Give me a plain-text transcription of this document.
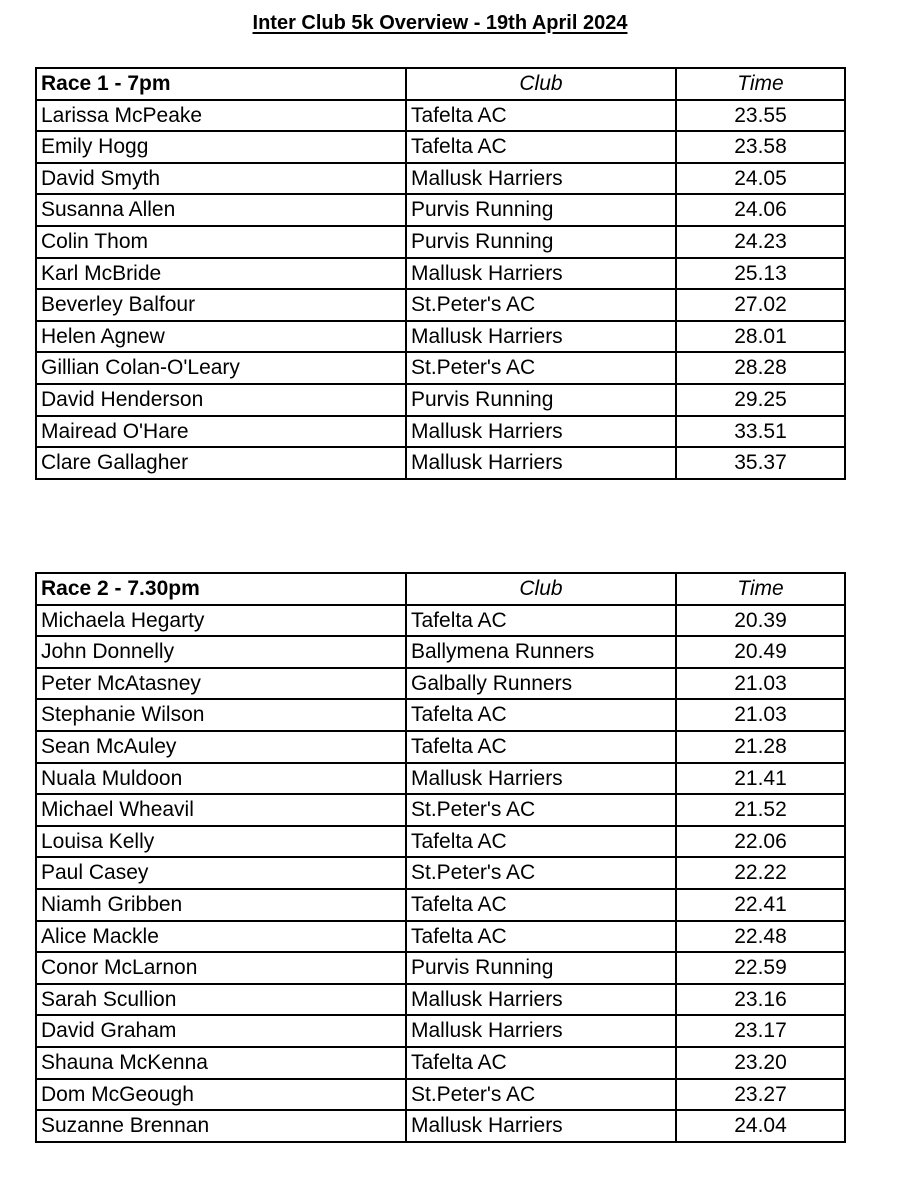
Inter Club 5k Overview - 19th April 2024
Race 1 - 7pm	Club	Time
Larissa McPeake	Tafelta AC	23.55
Emily Hogg	Tafelta AC	23.58
David Smyth	Mallusk Harriers	24.05
Susanna Allen	Purvis Running	24.06
Colin Thom	Purvis Running	24.23
Karl McBride	Mallusk Harriers	25.13
Beverley Balfour	St.Peter's AC	27.02
Helen Agnew	Mallusk Harriers	28.01
Gillian Colan-O'Leary	St.Peter's AC	28.28
David Henderson	Purvis Running	29.25
Mairead O'Hare	Mallusk Harriers	33.51
Clare Gallagher	Mallusk Harriers	35.37
Race 2 - 7.30pm	Club	Time
Michaela Hegarty	Tafelta AC	20.39
John Donnelly	Ballymena Runners	20.49
Peter McAtasney	Galbally Runners	21.03
Stephanie Wilson	Tafelta AC	21.03
Sean McAuley	Tafelta AC	21.28
Nuala Muldoon	Mallusk Harriers	21.41
Michael Wheavil	St.Peter's AC	21.52
Louisa Kelly	Tafelta AC	22.06
Paul Casey	St.Peter's AC	22.22
Niamh Gribben	Tafelta AC	22.41
Alice Mackle	Tafelta AC	22.48
Conor McLarnon	Purvis Running	22.59
Sarah Scullion	Mallusk Harriers	23.16
David Graham	Mallusk Harriers	23.17
Shauna McKenna	Tafelta AC	23.20
Dom McGeough	St.Peter's AC	23.27
Suzanne Brennan	Mallusk Harriers	24.04
